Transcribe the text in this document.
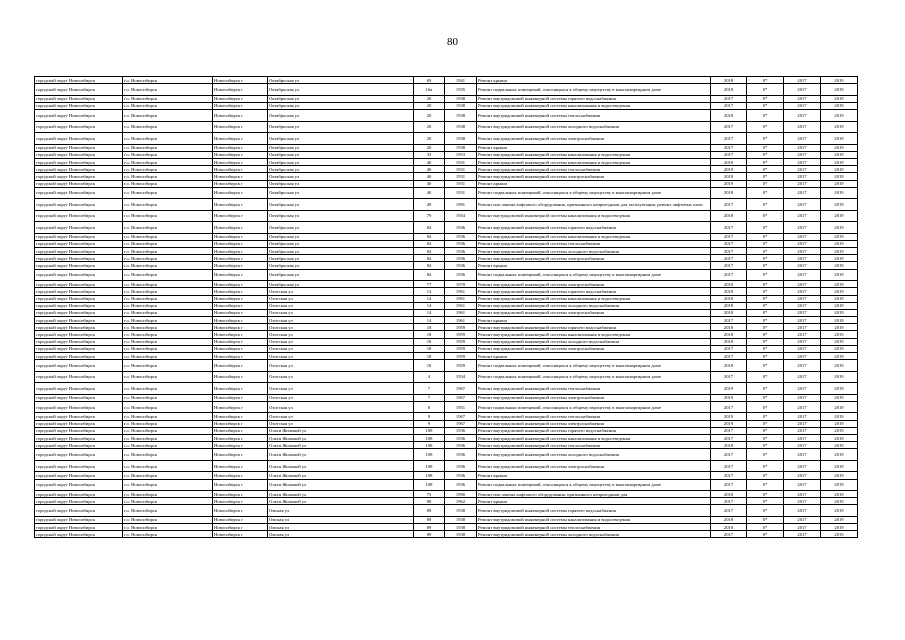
80
городской округ Новосибирск	г.о. Новосибирск	Новосибирск г	Октябрьская ул	69	1941	Ремонт крыши	2018	0*	2017	2019
городской округ Новосибирск	г.о. Новосибирск	Новосибирск г	Октябрьская ул	16а	1935	Ремонт подвальных помещений, относящихся к общему имуществу в многоквартирном доме	2018	0*	2017	2019
городской округ Новосибирск	г.о. Новосибирск	Новосибирск г	Октябрьская ул	20	1938	Ремонт внутридомовой инженерной системы горячего водоснабжения	2017	0*	2017	2019
городской округ Новосибирск	г.о. Новосибирск	Новосибирск г	Октябрьская ул	20	1938	Ремонт внутридомовой инженерной системы канализования и водоотведения	2017	0*	2017	2019
городской округ Новосибирск	г.о. Новосибирск	Новосибирск г	Октябрьская ул	20	1938	Ремонт внутридомовой инженерной системы теплоснабжения	2018	0*	2017	2019
городской округ Новосибирск	г.о. Новосибирск	Новосибирск г	Октябрьская ул	20	1938	Ремонт внутридомовой инженерной системы холодного водоснабжения	2017	0*	2017	2019
городской округ Новосибирск	г.о. Новосибирск	Новосибирск г	Октябрьская ул	20	1938	Ремонт внутридомовой инженерной системы электроснабжения	2017	0*	2017	2019
городской округ Новосибирск	г.о. Новосибирск	Новосибирск г	Октябрьская ул	20	1938	Ремонт крыши	2017	0*	2017	2019
городской округ Новосибирск	г.о. Новосибирск	Новосибирск г	Октябрьская ул	33	1953	Ремонт внутридомовой инженерной системы канализования и водоотведения	2017	0*	2017	2019
городской округ Новосибирск	г.о. Новосибирск	Новосибирск г	Октябрьская ул	40	1931	Ремонт внутридомовой инженерной системы канализования и водоотведения	2018	0*	2017	2019
городской округ Новосибирск	г.о. Новосибирск	Новосибирск г	Октябрьская ул	40	1931	Ремонт внутридомовой инженерной системы теплоснабжения	2019	0*	2017	2019
городской округ Новосибирск	г.о. Новосибирск	Новосибирск г	Октябрьская ул	40	1931	Ремонт внутридомовой инженерной системы электроснабжения	2018	0*	2017	2019
городской округ Новосибирск	г.о. Новосибирск	Новосибирск г	Октябрьская ул	40	1931	Ремонт крыши	2019	0*	2017	2019
городской округ Новосибирск	г.о. Новосибирск	Новосибирск г	Октябрьская ул	40	1931	Ремонт подвальных помещений, относящихся к общему имуществу в многоквартирном доме	2018	0*	2017	2019
городской округ Новосибирск	г.о. Новосибирск	Новосибирск г	Октябрьская ул	49	1991	Ремонт или замена лифтового оборудования, признанного непригодным для эксплуатации, ремонт лифтовых шахт	2017	0*	2017	2019
городской округ Новосибирск	г.о. Новосибирск	Новосибирск г	Октябрьская ул	79	1934	Ремонт внутридомовой инженерной системы канализования и водоотведения	2018	0*	2017	2019
городской округ Новосибирск	г.о. Новосибирск	Новосибирск г	Октябрьская ул	84	1936	Ремонт внутридомовой инженерной системы горячего водоснабжения	2017	0*	2017	2019
городской округ Новосибирск	г.о. Новосибирск	Новосибирск г	Октябрьская ул	84	1936	Ремонт внутридомовой инженерной системы канализования и водоотведения	2017	0*	2017	2019
городской округ Новосибирск	г.о. Новосибирск	Новосибирск г	Октябрьская ул	84	1936	Ремонт внутридомовой инженерной системы теплоснабжения	2017	0*	2017	2019
городской округ Новосибирск	г.о. Новосибирск	Новосибирск г	Октябрьская ул	84	1936	Ремонт внутридомовой инженерной системы холодного водоснабжения	2017	0*	2017	2019
городской округ Новосибирск	г.о. Новосибирск	Новосибирск г	Октябрьская ул	84	1936	Ремонт внутридомовой инженерной системы электроснабжения	2017	0*	2017	2019
городской округ Новосибирск	г.о. Новосибирск	Новосибирск г	Октябрьская ул	84	1936	Ремонт крыши	2017	0*	2017	2019
городской округ Новосибирск	г.о. Новосибирск	Новосибирск г	Октябрьская ул	84	1936	Ремонт подвальных помещений, относящихся к общему имуществу в многоквартирном доме	2017	0*	2017	2019
городской округ Новосибирск	г.о. Новосибирск	Новосибирск г	Октябрьская ул	77	1970	Ремонт внутридомовой инженерной системы электроснабжения	2018	0*	2017	2019
городской округ Новосибирск	г.о. Новосибирск	Новосибирск г	Охотская ул	14	1961	Ремонт внутридомовой инженерной системы горячего водоснабжения	2018	0*	2017	2019
городской округ Новосибирск	г.о. Новосибирск	Новосибирск г	Охотская ул	14	1961	Ремонт внутридомовой инженерной системы канализования и водоотведения	2018	0*	2017	2019
городской округ Новосибирск	г.о. Новосибирск	Новосибирск г	Охотская ул	14	1961	Ремонт внутридомовой инженерной системы холодного водоснабжения	2018	0*	2017	2019
городской округ Новосибирск	г.о. Новосибирск	Новосибирск г	Охотская ул	14	1961	Ремонт внутридомовой инженерной системы электроснабжения	2018	0*	2017	2019
городской округ Новосибирск	г.о. Новосибирск	Новосибирск г	Охотская ул	14	1961	Ремонт крыши	2017	0*	2017	2019
городской округ Новосибирск	г.о. Новосибирск	Новосибирск г	Охотская ул	18	1959	Ремонт внутридомовой инженерной системы горячего водоснабжения	2018	0*	2017	2019
городской округ Новосибирск	г.о. Новосибирск	Новосибирск г	Охотская ул	18	1959	Ремонт внутридомовой инженерной системы канализования и водоотведения	2018	0*	2017	2019
городской округ Новосибирск	г.о. Новосибирск	Новосибирск г	Охотская ул	18	1959	Ремонт внутридомовой инженерной системы холодного водоснабжения	2018	0*	2017	2019
городской округ Новосибирск	г.о. Новосибирск	Новосибирск г	Охотская ул	18	1959	Ремонт внутридомовой инженерной системы электроснабжения	2017	0*	2017	2019
городской округ Новосибирск	г.о. Новосибирск	Новосибирск г	Охотская ул	18	1959	Ремонт крыши	2017	0*	2017	2019
городской округ Новосибирск	г.о. Новосибирск	Новосибирск г	Охотская ул	18	1959	Ремонт подвальных помещений, относящихся к общему имуществу в многоквартирном доме	2018	0*	2017	2019
городской округ Новосибирск	г.о. Новосибирск	Новосибирск г	Охотская ул	4	1934	Ремонт подвальных помещений, относящихся к общему имуществу в многоквартирном доме	2017	0*	2017	2019
городской округ Новосибирск	г.о. Новосибирск	Новосибирск г	Охотская ул	7	1967	Ремонт внутридомовой инженерной системы теплоснабжения	2019	0*	2017	2019
городской округ Новосибирск	г.о. Новосибирск	Новосибирск г	Охотская ул	7	1967	Ремонт внутридомовой инженерной системы электроснабжения	2019	0*	2017	2019
городской округ Новосибирск	г.о. Новосибирск	Новосибирск г	Охотская ул	8	1951	Ремонт подвальных помещений, относящихся к общему имуществу в многоквартирном доме	2017	0*	2017	2019
городской округ Новосибирск	г.о. Новосибирск	Новосибирск г	Охотская ул	9	1967	Ремонт внутридомовой инженерной системы теплоснабжения	2019	0*	2017	2019
городской округ Новосибирск	г.о. Новосибирск	Новосибирск г	Охотская ул	9	1967	Ремонт внутридомовой инженерной системы электроснабжения	2019	0*	2017	2019
городской округ Новосибирск	г.о. Новосибирск	Новосибирск г	Ольги Жилиной ул	108	1936	Ремонт внутридомовой инженерной системы горячего водоснабжения	2017	0*	2017	2019
городской округ Новосибирск	г.о. Новосибирск	Новосибирск г	Ольги Жилиной ул	108	1936	Ремонт внутридомовой инженерной системы канализования и водоотведения	2017	0*	2017	2019
городской округ Новосибирск	г.о. Новосибирск	Новосибирск г	Ольги Жилиной ул	108	1936	Ремонт внутридомовой инженерной системы теплоснабжения	2018	0*	2017	2019
городской округ Новосибирск	г.о. Новосибирск	Новосибирск г	Ольги Жилиной ул	108	1936	Ремонт внутридомовой инженерной системы холодного водоснабжения	2017	0*	2017	2019
городской округ Новосибирск	г.о. Новосибирск	Новосибирск г	Ольги Жилиной ул	108	1936	Ремонт внутридомовой инженерной системы электроснабжения	2017	0*	2017	2019
городской округ Новосибирск	г.о. Новосибирск	Новосибирск г	Ольги Жилиной ул	108	1936	Ремонт крыши	2017	0*	2017	2019
городской округ Новосибирск	г.о. Новосибирск	Новосибирск г	Ольги Жилиной ул	108	1936	Ремонт подвальных помещений, относящихся к общему имуществу в многоквартирном доме	2017	0*	2017	2019
городской округ Новосибирск	г.о. Новосибирск	Новосибирск г	Ольги Жилиной ул	73	1990	Ремонт или замена лифтового оборудования, признанного непригодным для	2018	0*	2017	2019
городской округ Новосибирск	г.о. Новосибирск	Новосибирск г	Ольги Жилиной ул	88	1962	Ремонт крыши	2017	0*	2017	2019
городской округ Новосибирск	г.о. Новосибирск	Новосибирск г	Омская ул	89	1938	Ремонт внутридомовой инженерной системы горячего водоснабжения	2017	0*	2017	2019
городской округ Новосибирск	г.о. Новосибирск	Новосибирск г	Омская ул	89	1938	Ремонт внутридомовой инженерной системы канализования и водоотведения	2018	0*	2017	2019
городской округ Новосибирск	г.о. Новосибирск	Новосибирск г	Омская ул	89	1938	Ремонт внутридомовой инженерной системы теплоснабжения	2018	0*	2017	2019
городской округ Новосибирск	г.о. Новосибирск	Новосибирск г	Омская ул	89	1938	Ремонт внутридомовой инженерной системы холодного водоснабжения	2017	0*	2017	2019
